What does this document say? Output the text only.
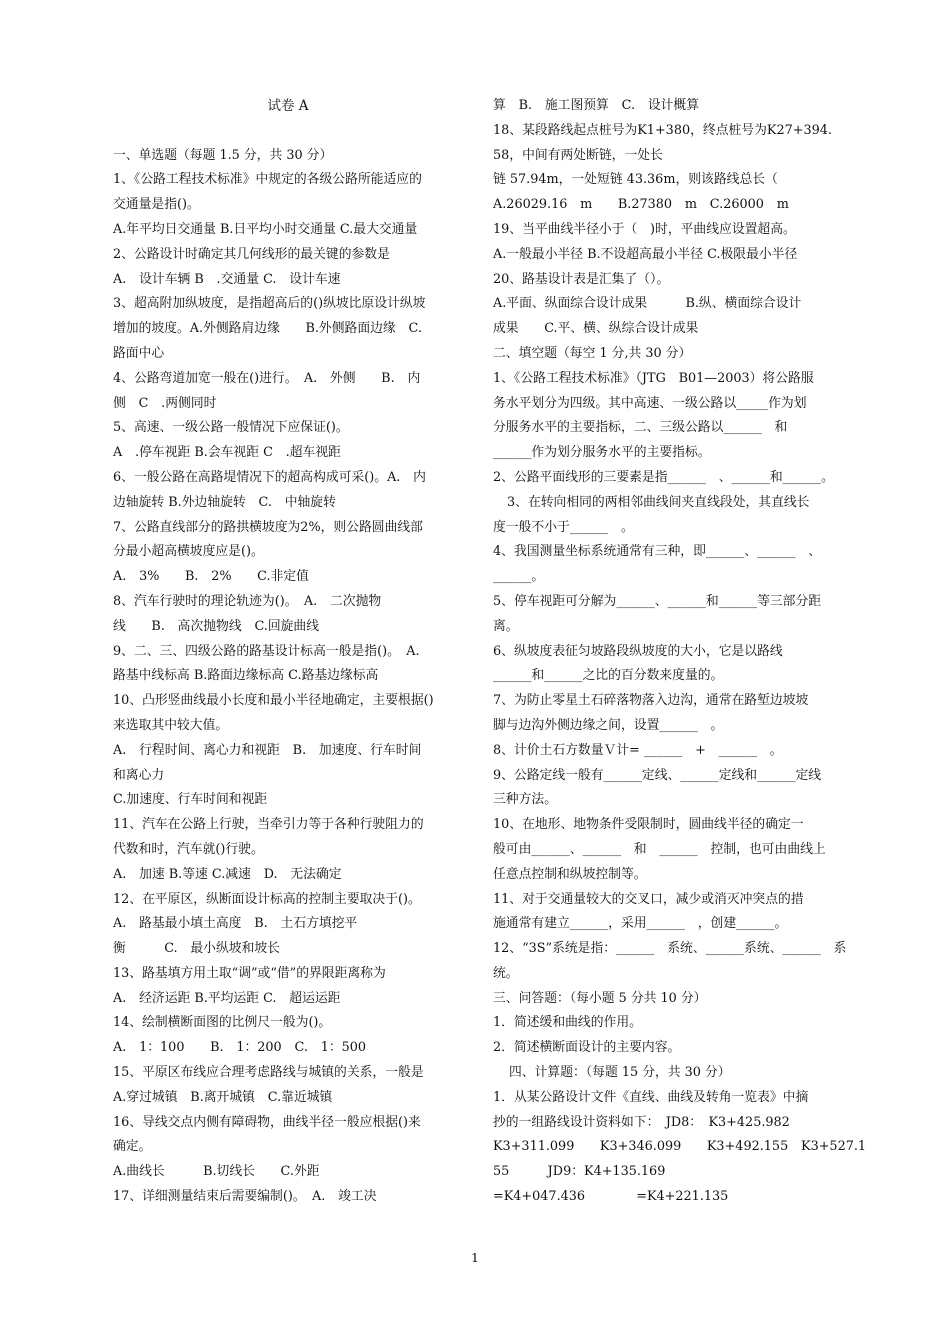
试卷 A
一、单选题（每题 1.5 分，共 30 分）
1、《公路工程技术标准》中规定的各级公路所能适应的
交通量是指()。
A.年平均日交通量 B.日平均小时交通量 C.最大交通量
2、公路设计时确定其几何线形的最关键的参数是
A.　设计车辆 B　.交通量 C.　设计车速
3、超高附加纵坡度，是指超高后的()纵坡比原设计纵坡
增加的坡度。A.外侧路肩边缘　　B.外侧路面边缘　C.
路面中心
4、公路弯道加宽一般在()进行。　A.　外侧　　B.　内
侧　C　.两侧同时
5、高速、一级公路一般情况下应保证()。
A　.停车视距 B.会车视距 C　.超车视距
6、一般公路在高路堤情况下的超高构成可采()。A.　内
边轴旋转 B.外边轴旋转　C.　中轴旋转
7、公路直线部分的路拱横坡度为2%，则公路圆曲线部
分最小超高横坡度应是()。
A.　3%　　B.　2%　　C.非定值
8、汽车行驶时的理论轨迹为()。　A.　二次抛物
线　　B.　高次抛物线　C.回旋曲线
9、二、三、四级公路的路基设计标高一般是指()。　A.
路基中线标高 B.路面边缘标高 C.路基边缘标高
10、凸形竖曲线最小长度和最小半径地确定，主要根据()
来选取其中较大值。
A.　行程时间、离心力和视距　B.　加速度、行车时间
和离心力
C.加速度、行车时间和视距
11、汽车在公路上行驶，当牵引力等于各种行驶阻力的
代数和时，汽车就()行驶。
A.　加速 B.等速 C.减速　D.　无法确定
12、在平原区，纵断面设计标高的控制主要取决于()。
A.　路基最小填土高度　B.　土石方填挖平
衡　　　C.　最小纵坡和坡长
13、路基填方用土取“调”或“借”的界限距离称为
A.　经济运距 B.平均运距 C.　超运运距
14、绘制横断面图的比例尺一般为()。
A.　1：100　　B.　1：200　C.　1：500
15、平原区布线应合理考虑路线与城镇的关系，一般是
A.穿过城镇　B.离开城镇　C.靠近城镇
16、导线交点内侧有障碍物，曲线半径一般应根据()来
确定。
A.曲线长　　　B.切线长　　C.外距
17、详细测量结束后需要编制()。　A.　竣工决
算　B.　施工图预算　C.　设计概算
18、某段路线起点桩号为K1+380，终点桩号为K27+394.
58，中间有两处断链，一处长
链 57.94m，一处短链 43.36m，则该路线总长（
A.26029.16　m　　B.27380　m　C.26000　m
19、当平曲线半径小于（　)时，平曲线应设置超高。
A.一般最小半径 B.不设超高最小半径 C.极限最小半径
20、路基设计表是汇集了（）。
A.平面、纵面综合设计成果　　　B.纵、横面综合设计
成果　　C.平、横、纵综合设计成果
二、填空题（每空 1 分,共 30 分）
1、《公路工程技术标准》（JTG　B01—2003）将公路服
务水平划分为四级。其中高速、一级公路以_____作为划
分服务水平的主要指标，二、三级公路以______　和
______作为划分服务水平的主要指标。
2、公路平面线形的三要素是指______　、______和______。
3、在转向相同的两相邻曲线间夹直线段处，其直线长
度一般不小于______　。
4、我国测量坐标系统通常有三种，即______、______　、
______。
5、停车视距可分解为______、______和______等三部分距
离。
6、纵坡度表征匀坡路段纵坡度的大小，它是以路线
______和______之比的百分数来度量的。
7、为防止零星土石碎落物落入边沟，通常在路堑边坡坡
脚与边沟外侧边缘之间，设置______　。
8、计价土石方数量Ｖ计= ______　+　______　。
9、公路定线一般有______定线、______定线和______定线
三种方法。
10、在地形、地物条件受限制时，圆曲线半径的确定一
般可由______、______　和　______　控制，也可由曲线上
任意点控制和纵坡控制等。
11、对于交通量较大的交叉口，减少或消灭冲突点的措
施通常有建立______，采用______　，创建______。
12、“3S”系统是指：______　系统、______系统、______　系
统。
三、问答题：（每小题 5 分共 10 分）
1．简述缓和曲线的作用。
2．简述横断面设计的主要内容。
四、计算题：（每题 15 分，共 30 分）
1．从某公路设计文件《直线、曲线及转角一览表》中摘
抄的一组路线设计资料如下：　JD8：　K3+425.982
K3+311.099　　K3+346.099　　K3+492.155　K3+527.1
55　　　JD9：K4+135.169
=K4+047.436　　　　=K4+221.135
1
